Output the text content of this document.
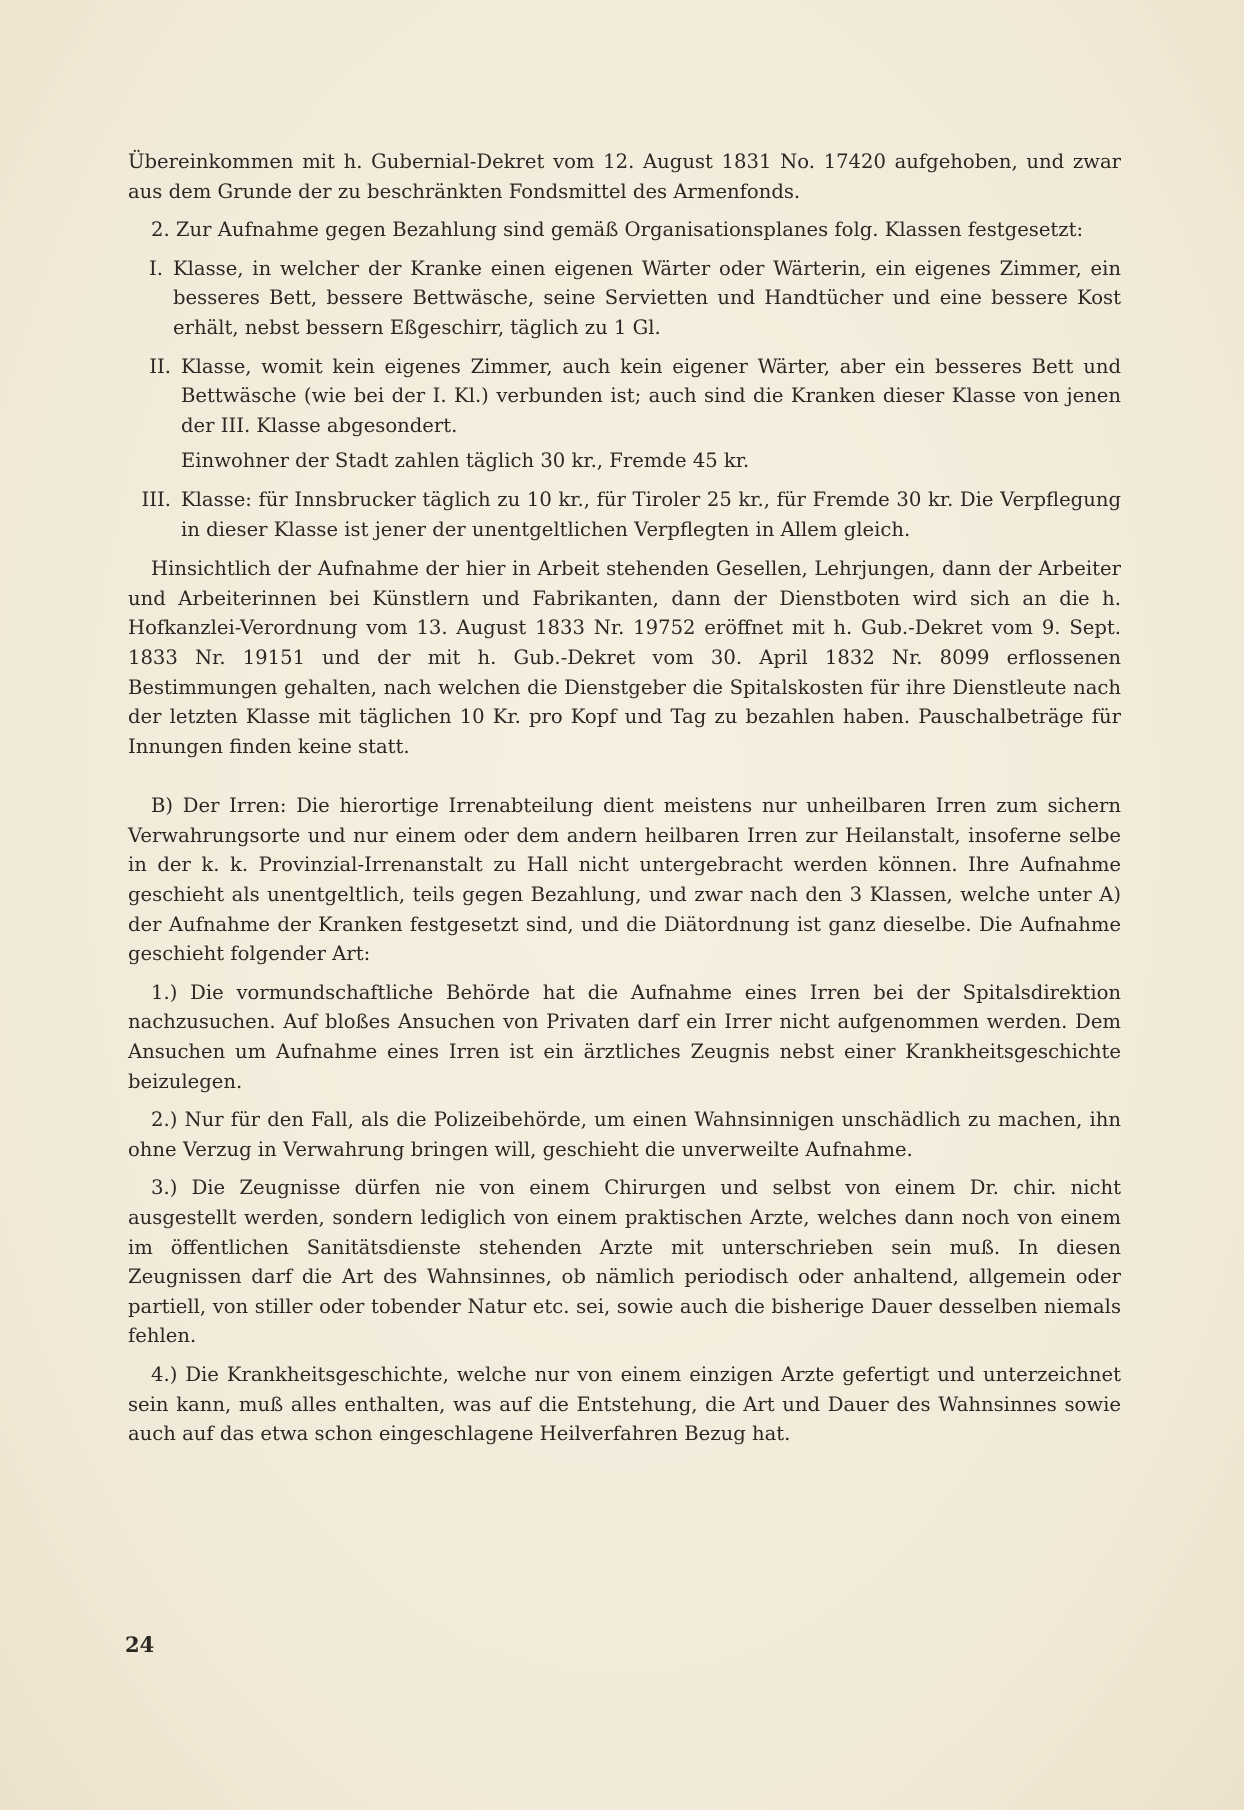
Übereinkommen mit h. Gubernial-Dekret vom 12. August 1831 No. 17420 aufgehoben, und zwar aus dem Grunde der zu beschränkten Fondsmittel des Armenfonds.

2. Zur Aufnahme gegen Bezahlung sind gemäß Organisationsplanes folg. Klassen festgesetzt:

I. Klasse, in welcher der Kranke einen eigenen Wärter oder Wärterin, ein eigenes Zimmer, ein besseres Bett, bessere Bettwäsche, seine Servietten und Handtücher und eine bessere Kost erhält, nebst bessern Eßgeschirr, täglich zu 1 Gl.
II. Klasse, womit kein eigenes Zimmer, auch kein eigener Wärter, aber ein besseres Bett und Bettwäsche (wie bei der I. Kl.) verbunden ist; auch sind die Kranken dieser Klasse von jenen der III. Klasse abgesondert.
Einwohner der Stadt zahlen täglich 30 kr., Fremde 45 kr.
III. Klasse: für Innsbrucker täglich zu 10 kr., für Tiroler 25 kr., für Fremde 30 kr. Die Verpflegung in dieser Klasse ist jener der unentgeltlichen Verpflegten in Allem gleich.

Hinsichtlich der Aufnahme der hier in Arbeit stehenden Gesellen, Lehrjungen, dann der Arbeiter und Arbeiterinnen bei Künstlern und Fabrikanten, dann der Dienstboten wird sich an die h. Hofkanzlei-Verordnung vom 13. August 1833 Nr. 19752 eröffnet mit h. Gub.-Dekret vom 9. Sept. 1833 Nr. 19151 und der mit h. Gub.-Dekret vom 30. April 1832 Nr. 8099 erflossenen Bestimmungen gehalten, nach welchen die Dienstgeber die Spitalskosten für ihre Dienstleute nach der letzten Klasse mit täglichen 10 Kr. pro Kopf und Tag zu bezahlen haben. Pauschalbeträge für Innungen finden keine statt.

B) Der Irren: Die hierortige Irrenabteilung dient meistens nur unheilbaren Irren zum sichern Verwahrungsorte und nur einem oder dem andern heilbaren Irren zur Heilanstalt, insoferne selbe in der k. k. Provinzial-Irrenanstalt zu Hall nicht untergebracht werden können. Ihre Aufnahme geschieht als unentgeltlich, teils gegen Bezahlung, und zwar nach den 3 Klassen, welche unter A) der Aufnahme der Kranken festgesetzt sind, und die Diätordnung ist ganz dieselbe. Die Aufnahme geschieht folgender Art:

1.) Die vormundschaftliche Behörde hat die Aufnahme eines Irren bei der Spitalsdirektion nachzusuchen. Auf bloßes Ansuchen von Privaten darf ein Irrer nicht aufgenommen werden. Dem Ansuchen um Aufnahme eines Irren ist ein ärztliches Zeugnis nebst einer Krankheitsgeschichte beizulegen.

2.) Nur für den Fall, als die Polizeibehörde, um einen Wahnsinnigen unschädlich zu machen, ihn ohne Verzug in Verwahrung bringen will, geschieht die unverweilte Aufnahme.

3.) Die Zeugnisse dürfen nie von einem Chirurgen und selbst von einem Dr. chir. nicht ausgestellt werden, sondern lediglich von einem praktischen Arzte, welches dann noch von einem im öffentlichen Sanitätsdienste stehenden Arzte mit unterschrieben sein muß. In diesen Zeugnissen darf die Art des Wahnsinnes, ob nämlich periodisch oder anhaltend, allgemein oder partiell, von stiller oder tobender Natur etc. sei, sowie auch die bisherige Dauer desselben niemals fehlen.

4.) Die Krankheitsgeschichte, welche nur von einem einzigen Arzte gefertigt und unterzeichnet sein kann, muß alles enthalten, was auf die Entstehung, die Art und Dauer des Wahnsinnes sowie auch auf das etwa schon eingeschlagene Heilverfahren Bezug hat.

24
